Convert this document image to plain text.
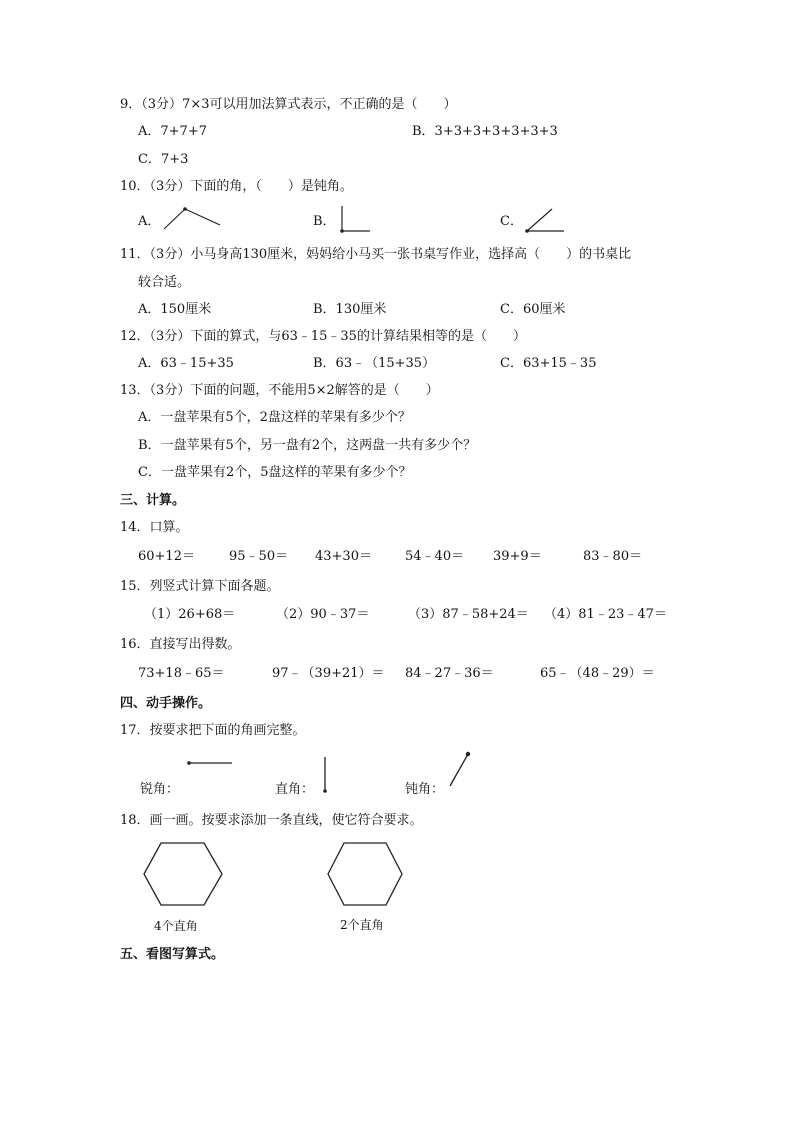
9．（3分）7×3可以用加法算式表示，不正确的是（　　）
A．7+7+7	B．3+3+3+3+3+3+3
C．7+3
10．（3分）下面的角，（　　）是钝角。
A．	B．	C．
11．（3分）小马身高130厘米，妈妈给小马买一张书桌写作业，选择高（　　）的书桌比
较合适。
A．150厘米	B．130厘米	C．60厘米
12．（3分）下面的算式，与63﹣15﹣35的计算结果相等的是（　　）
A．63﹣15+35	B．63﹣（15+35）	C．63+15﹣35
13．（3分）下面的问题，不能用5×2解答的是（　　）
A．一盘苹果有5个，2盘这样的苹果有多少个？
B．一盘苹果有5个，另一盘有2个，这两盘一共有多少个？
C．一盘苹果有2个，5盘这样的苹果有多少个？
三、计算。
14．口算。
60+12＝	95﹣50＝ 43+30＝	54﹣40＝ 39+9＝	83﹣80＝
15．列竖式计算下面各题。
（1）26+68＝	（2）90﹣37＝	（3）87﹣58+24＝ （4）81﹣23﹣47＝
16．直接写出得数。
73+18﹣65＝	97﹣（39+21）＝ 84﹣27﹣36＝	65﹣（48﹣29）＝
四、动手操作。
17．按要求把下面的角画完整。
锐角：	直角：	钝角：
18．画一画。按要求添加一条直线，使它符合要求。
4个直角	2个直角
五、看图写算式。
